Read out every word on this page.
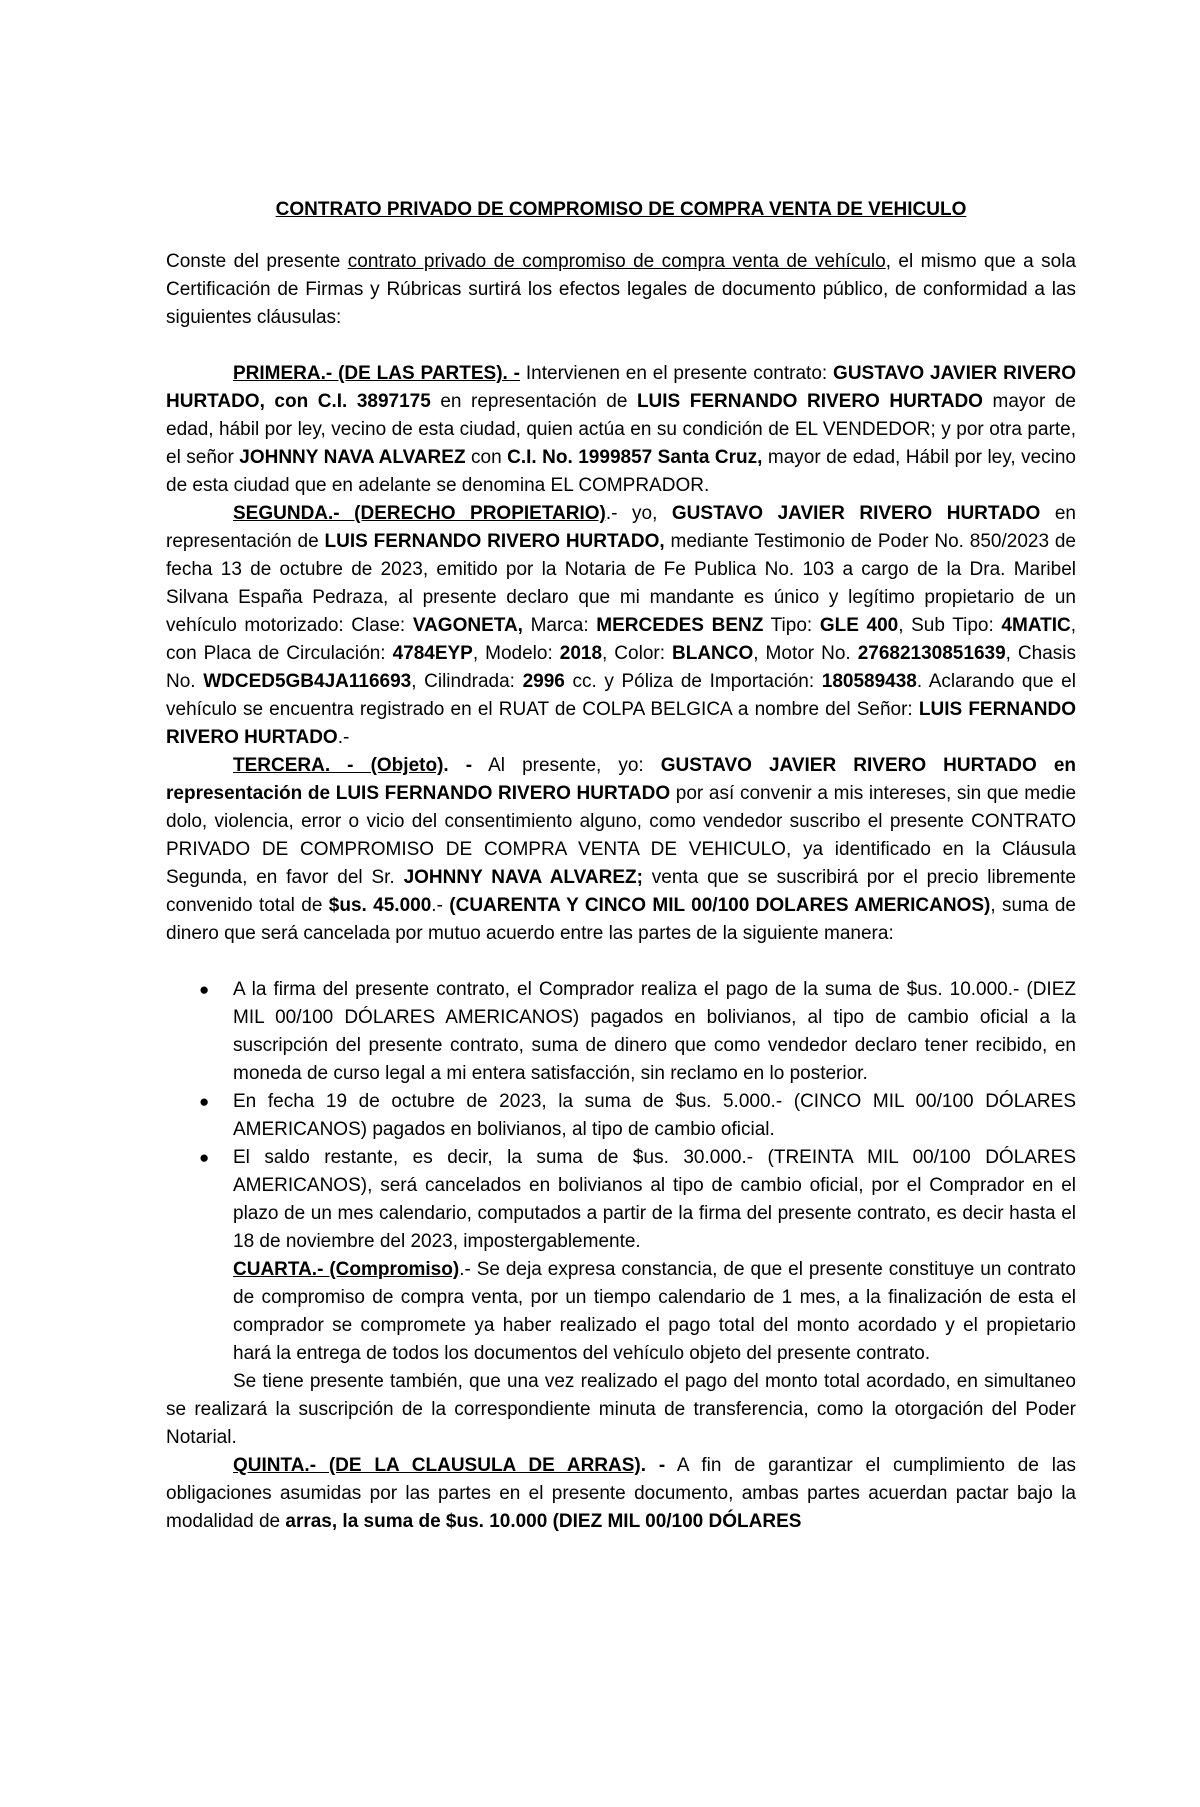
CONTRATO PRIVADO DE COMPROMISO DE COMPRA VENTA DE VEHICULO

Conste del presente contrato privado de compromiso de compra venta de vehículo, el mismo que a sola Certificación de Firmas y Rúbricas surtirá los efectos legales de documento público, de conformidad a las siguientes cláusulas:

PRIMERA.- (DE LAS PARTES). - Intervienen en el presente contrato: GUSTAVO JAVIER RIVERO HURTADO, con C.I. 3897175 en representación de LUIS FERNANDO RIVERO HURTADO mayor de edad, hábil por ley, vecino de esta ciudad, quien actúa en su condición de EL VENDEDOR; y por otra parte, el señor JOHNNY NAVA ALVAREZ con C.I. No. 1999857 Santa Cruz, mayor de edad, Hábil por ley, vecino de esta ciudad que en adelante se denomina EL COMPRADOR.

SEGUNDA.- (DERECHO PROPIETARIO).- yo, GUSTAVO JAVIER RIVERO HURTADO en representación de LUIS FERNANDO RIVERO HURTADO, mediante Testimonio de Poder No. 850/2023 de fecha 13 de octubre de 2023, emitido por la Notaria de Fe Publica No. 103 a cargo de la Dra. Maribel Silvana España Pedraza, al presente declaro que mi mandante es único y legítimo propietario de un vehículo motorizado: Clase: VAGONETA, Marca: MERCEDES BENZ Tipo: GLE 400, Sub Tipo: 4MATIC, con Placa de Circulación: 4784EYP, Modelo: 2018, Color: BLANCO, Motor No. 27682130851639, Chasis No. WDCED5GB4JA116693, Cilindrada: 2996 cc. y Póliza de Importación: 180589438. Aclarando que el vehículo se encuentra registrado en el RUAT de COLPA BELGICA a nombre del Señor: LUIS FERNANDO RIVERO HURTADO.-

TERCERA. - (Objeto). - Al presente, yo: GUSTAVO JAVIER RIVERO HURTADO en representación de LUIS FERNANDO RIVERO HURTADO por así convenir a mis intereses, sin que medie dolo, violencia, error o vicio del consentimiento alguno, como vendedor suscribo el presente CONTRATO PRIVADO DE COMPROMISO DE COMPRA VENTA DE VEHICULO, ya identificado en la Cláusula Segunda, en favor del Sr. JOHNNY NAVA ALVAREZ; venta que se suscribirá por el precio libremente convenido total de $us. 45.000.- (CUARENTA Y CINCO MIL 00/100 DOLARES AMERICANOS), suma de dinero que será cancelada por mutuo acuerdo entre las partes de la siguiente manera:

● A la firma del presente contrato, el Comprador realiza el pago de la suma de $us. 10.000.- (DIEZ MIL 00/100 DÓLARES AMERICANOS) pagados en bolivianos, al tipo de cambio oficial a la suscripción del presente contrato, suma de dinero que como vendedor declaro tener recibido, en moneda de curso legal a mi entera satisfacción, sin reclamo en lo posterior.
● En fecha 19 de octubre de 2023, la suma de $us. 5.000.- (CINCO MIL 00/100 DÓLARES AMERICANOS) pagados en bolivianos, al tipo de cambio oficial.
● El saldo restante, es decir, la suma de $us. 30.000.- (TREINTA MIL 00/100 DÓLARES AMERICANOS), será cancelados en bolivianos al tipo de cambio oficial, por el Comprador en el plazo de un mes calendario, computados a partir de la firma del presente contrato, es decir hasta el 18 de noviembre del 2023, impostergablemente.

CUARTA.- (Compromiso).- Se deja expresa constancia, de que el presente constituye un contrato de compromiso de compra venta, por un tiempo calendario de 1 mes, a la finalización de esta el comprador se compromete ya haber realizado el pago total del monto acordado y el propietario hará la entrega de todos los documentos del vehículo objeto del presente contrato.

Se tiene presente también, que una vez realizado el pago del monto total acordado, en simultaneo se realizará la suscripción de la correspondiente minuta de transferencia, como la otorgación del Poder Notarial.

QUINTA.- (DE LA CLAUSULA DE ARRAS). - A fin de garantizar el cumplimiento de las obligaciones asumidas por las partes en el presente documento, ambas partes acuerdan pactar bajo la modalidad de arras, la suma de $us. 10.000 (DIEZ MIL 00/100 DÓLARES
